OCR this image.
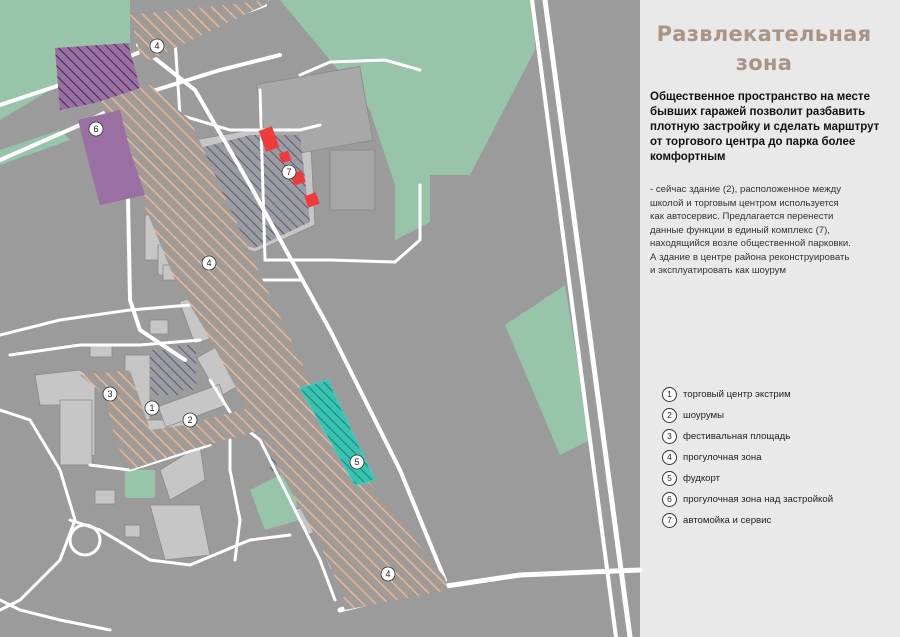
1
2
3
4
4
4
5
6
7
Развлекательная
зона
Общественное пространство на месте бывших гаражей позволит разбавить плотную застройку и сделать марштрут от торгового центра до парка более комфортным
- сейчас здание (2), расположенное между
школой и торговым центром используется
как автосервис. Предлагается перенести
данные функции в единый комплекс (7),
находящийся возле общественной парковки.
А здание в центре района реконструировать
и эксплуатировать как шоурум
1	торговый центр экстрим
2	шоурумы
3	фестивальная площадь
4	прогулочная зона
5	фудкорт
6	прогулочная зона над застройкой
7	автомойка и сервис
